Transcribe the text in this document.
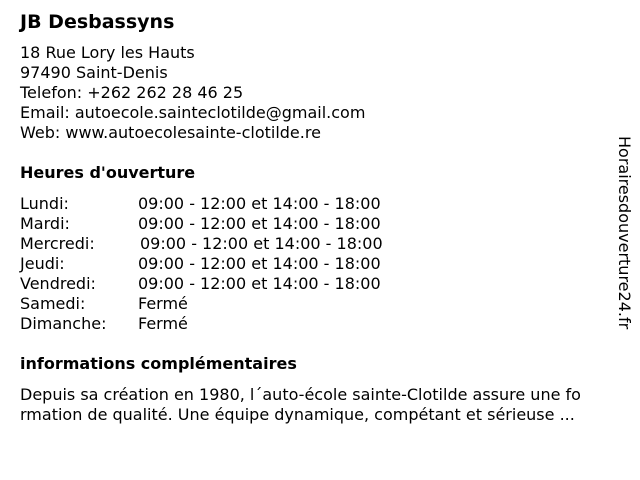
JB Desbassyns
18 Rue Lory les Hauts
97490 Saint-Denis
Telefon: +262 262 28 46 25
Email: autoecole.sainteclotilde@gmail.com
Web: www.autoecolesainte-clotilde.re
Heures d'ouverture
Lundi:	09:00 - 12:00 et 14:00 - 18:00
Mardi:	09:00 - 12:00 et 14:00 - 18:00
Mercredi:	09:00 - 12:00 et 14:00 - 18:00
Jeudi:	09:00 - 12:00 et 14:00 - 18:00
Vendredi:	09:00 - 12:00 et 14:00 - 18:00
Samedi:	Fermé
Dimanche: Fermé
informations complémentaires
Depuis sa création en 1980, l´auto-école sainte-Clotilde assure une fo
rmation de qualité. Une équipe dynamique, compétant et sérieuse ...
Horairesdouverture24.fr
